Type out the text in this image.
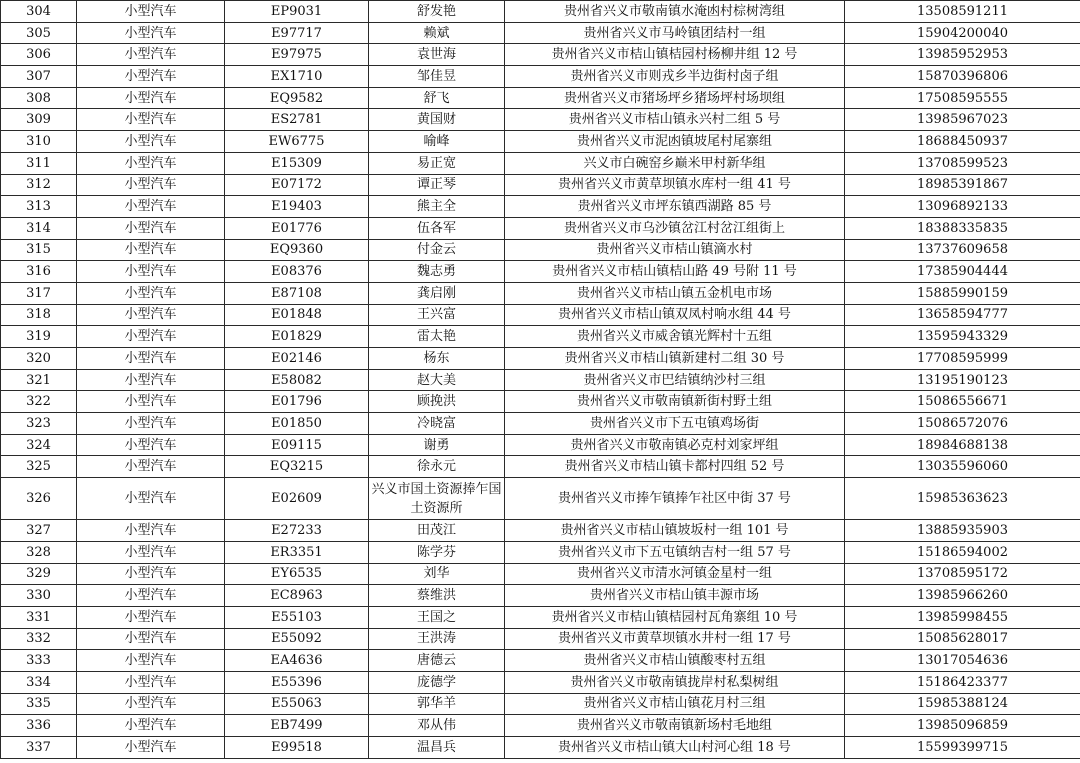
304	小型汽车	EP9031	舒发艳	贵州省兴义市敬南镇水淹凼村棕树湾组	13508591211
305	小型汽车	E97717	赖斌	贵州省兴义市马岭镇团结村一组	15904200040
306	小型汽车	E97975	袁世海	贵州省兴义市桔山镇桔园村杨柳井组 12 号	13985952953
307	小型汽车	EX1710	邹佳昱	贵州省兴义市则戎乡半边街村卤子组	15870396806
308	小型汽车	EQ9582	舒飞	贵州省兴义市猪场坪乡猪场坪村场坝组	17508595555
309	小型汽车	ES2781	黄国财	贵州省兴义市桔山镇永兴村二组 5 号	13985967023
310	小型汽车	EW6775	喻峰	贵州省兴义市泥凼镇坡尾村尾寨组	18688450937
311	小型汽车	E15309	易正宽	兴义市白碗窑乡巅米甲村新华组	13708599523
312	小型汽车	E07172	谭正琴	贵州省兴义市黄草坝镇水库村一组 41 号	18985391867
313	小型汽车	E19403	熊主全	贵州省兴义市坪东镇西湖路 85 号	13096892133
314	小型汽车	E01776	伍各军	贵州省兴义市乌沙镇岔江村岔江组街上	18388335835
315	小型汽车	EQ9360	付金云	贵州省兴义市桔山镇滴水村	13737609658
316	小型汽车	E08376	魏志勇	贵州省兴义市桔山镇桔山路 49 号附 11 号	17385904444
317	小型汽车	E87108	龚启刚	贵州省兴义市桔山镇五金机电市场	15885990159
318	小型汽车	E01848	王兴富	贵州省兴义市桔山镇双凤村响水组 44 号	13658594777
319	小型汽车	E01829	雷太艳	贵州省兴义市威舍镇光辉村十五组	13595943329
320	小型汽车	E02146	杨东	贵州省兴义市桔山镇新建村二组 30 号	17708595999
321	小型汽车	E58082	赵大美	贵州省兴义市巴结镇纳沙村三组	13195190123
322	小型汽车	E01796	顾挽洪	贵州省兴义市敬南镇新街村野土组	15086556671
323	小型汽车	E01850	冷晓富	贵州省兴义市下五屯镇鸡场街	15086572076
324	小型汽车	E09115	谢勇	贵州省兴义市敬南镇必克村刘家坪组	18984688138
325	小型汽车	EQ3215	徐永元	贵州省兴义市桔山镇卡都村四组 52 号	13035596060
326	小型汽车	E02609	兴义市国土资源捧乍国土资源所	贵州省兴义市捧乍镇捧乍社区中街 37 号	15985363623
327	小型汽车	E27233	田茂江	贵州省兴义市桔山镇坡坂村一组 101 号	13885935903
328	小型汽车	ER3351	陈学芬	贵州省兴义市下五屯镇纳吉村一组 57 号	15186594002
329	小型汽车	EY6535	刘华	贵州省兴义市清水河镇金星村一组	13708595172
330	小型汽车	EC8963	蔡维洪	贵州省兴义市桔山镇丰源市场	13985966260
331	小型汽车	E55103	王国之	贵州省兴义市桔山镇桔园村瓦角寨组 10 号	13985998455
332	小型汽车	E55092	王洪涛	贵州省兴义市黄草坝镇水井村一组 17 号	15085628017
333	小型汽车	EA4636	唐德云	贵州省兴义市桔山镇酸枣村五组	13017054636
334	小型汽车	E55396	庞德学	贵州省兴义市敬南镇拢岸村私梨树组	15186423377
335	小型汽车	E55063	郭华羊	贵州省兴义市桔山镇花月村三组	15985388124
336	小型汽车	EB7499	邓从伟	贵州省兴义市敬南镇新场村毛地组	13985096859
337	小型汽车	E99518	温昌兵	贵州省兴义市桔山镇大山村河心组 18 号	15599399715
